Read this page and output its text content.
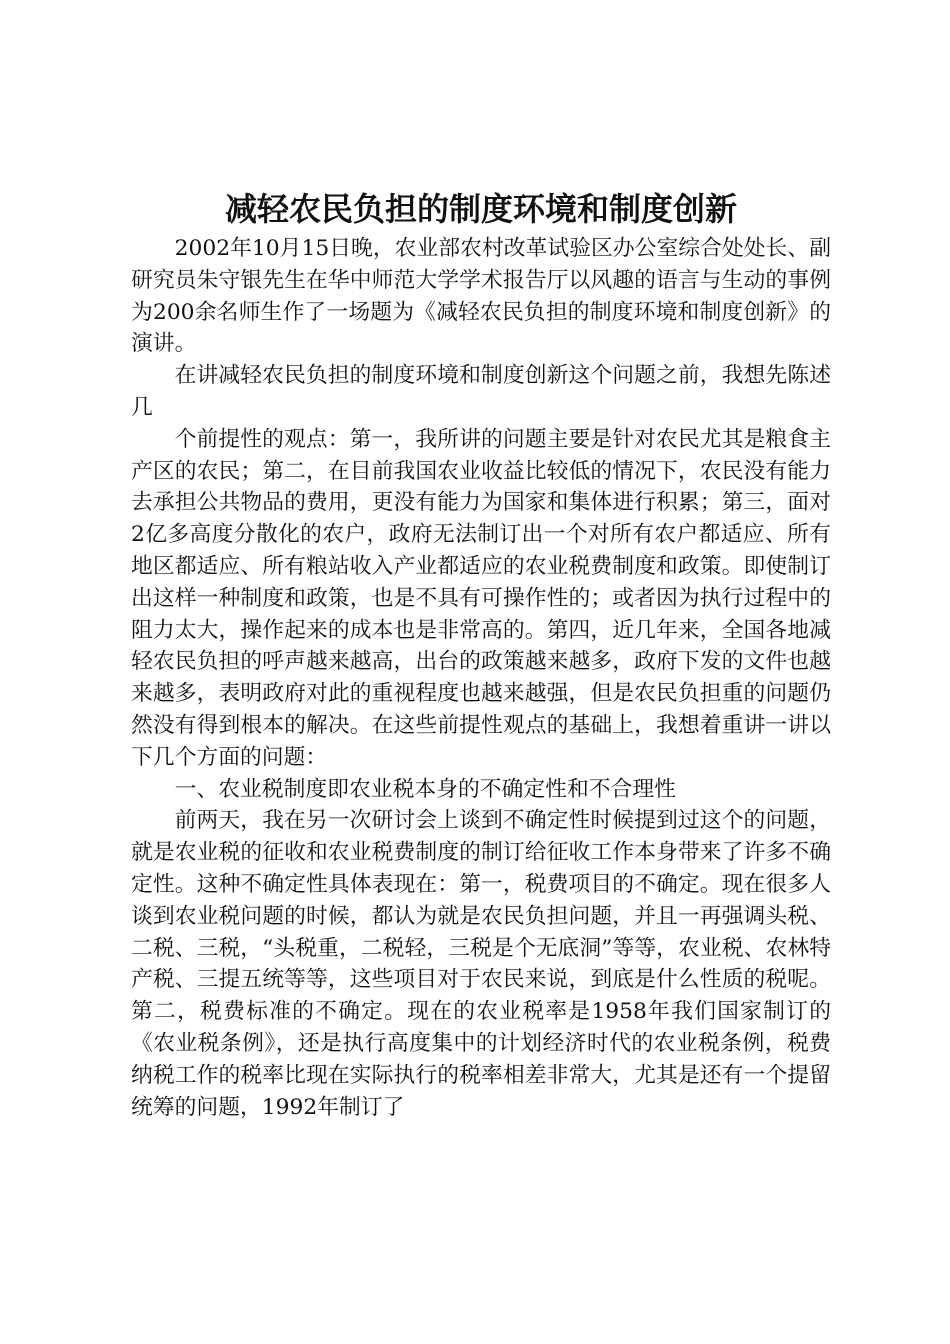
减轻农民负担的制度环境和制度创新

2002年10月15日晚，农业部农村改革试验区办公室综合处处长、副研究员朱守银先生在华中师范大学学术报告厅以风趣的语言与生动的事例为200余名师生作了一场题为《减轻农民负担的制度环境和制度创新》的演讲。

在讲减轻农民负担的制度环境和制度创新这个问题之前，我想先陈述几

个前提性的观点：第一，我所讲的问题主要是针对农民尤其是粮食主产区的农民；第二，在目前我国农业收益比较低的情况下，农民没有能力去承担公共物品的费用，更没有能力为国家和集体进行积累；第三，面对2亿多高度分散化的农户，政府无法制订出一个对所有农户都适应、所有地区都适应、所有粮站收入产业都适应的农业税费制度和政策。即使制订出这样一种制度和政策，也是不具有可操作性的；或者因为执行过程中的阻力太大，操作起来的成本也是非常高的。第四，近几年来，全国各地减轻农民负担的呼声越来越高，出台的政策越来越多，政府下发的文件也越来越多，表明政府对此的重视程度也越来越强，但是农民负担重的问题仍然没有得到根本的解决。在这些前提性观点的基础上，我想着重讲一讲以下几个方面的问题：

一、农业税制度即农业税本身的不确定性和不合理性

前两天，我在另一次研讨会上谈到不确定性时候提到过这个的问题，就是农业税的征收和农业税费制度的制订给征收工作本身带来了许多不确定性。这种不确定性具体表现在：第一，税费项目的不确定。现在很多人谈到农业税问题的时候，都认为就是农民负担问题，并且一再强调头税、二税、三税，“头税重，二税轻，三税是个无底洞”等等，农业税、农林特产税、三提五统等等，这些项目对于农民来说，到底是什么性质的税呢。第二，税费标准的不确定。现在的农业税率是1958年我们国家制订的《农业税条例》，还是执行高度集中的计划经济时代的农业税条例，税费纳税工作的税率比现在实际执行的税率相差非常大，尤其是还有一个提留统筹的问题，1992年制订了
